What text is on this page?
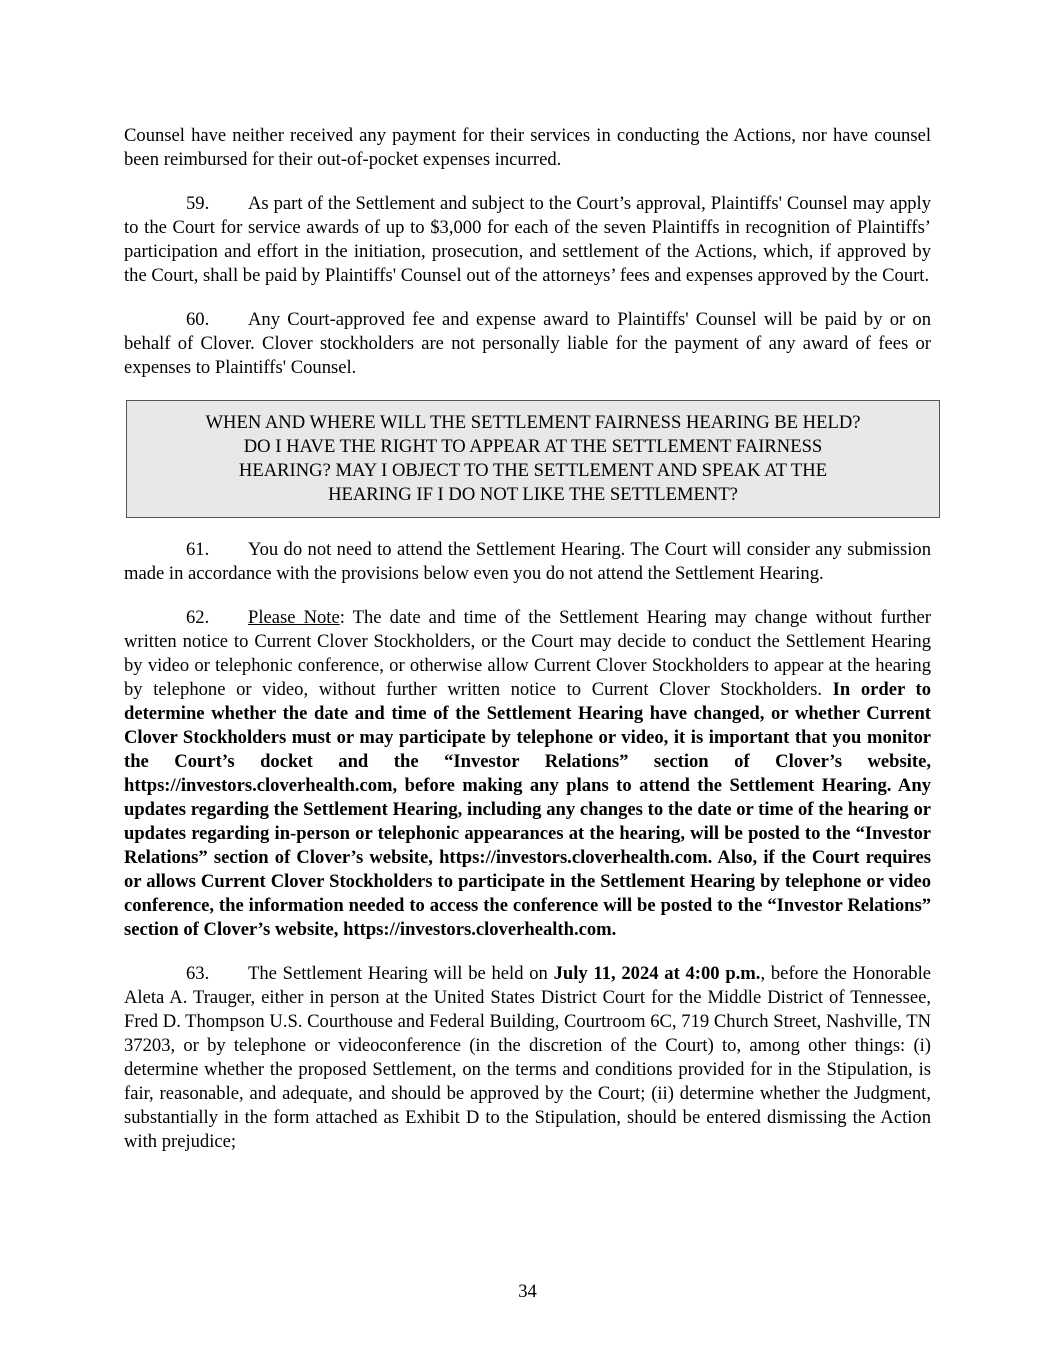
Counsel have neither received any payment for their services in conducting the Actions, nor have counsel been reimbursed for their out-of-pocket expenses incurred.

59. As part of the Settlement and subject to the Court’s approval, Plaintiffs' Counsel may apply to the Court for service awards of up to $3,000 for each of the seven Plaintiffs in recognition of Plaintiffs’ participation and effort in the initiation, prosecution, and settlement of the Actions, which, if approved by the Court, shall be paid by Plaintiffs' Counsel out of the attorneys’ fees and expenses approved by the Court.

60. Any Court-approved fee and expense award to Plaintiffs' Counsel will be paid by or on behalf of Clover. Clover stockholders are not personally liable for the payment of any award of fees or expenses to Plaintiffs' Counsel.

WHEN AND WHERE WILL THE SETTLEMENT FAIRNESS HEARING BE HELD?
DO I HAVE THE RIGHT TO APPEAR AT THE SETTLEMENT FAIRNESS
HEARING? MAY I OBJECT TO THE SETTLEMENT AND SPEAK AT THE
HEARING IF I DO NOT LIKE THE SETTLEMENT?

61. You do not need to attend the Settlement Hearing. The Court will consider any submission made in accordance with the provisions below even you do not attend the Settlement Hearing.

62. Please Note: The date and time of the Settlement Hearing may change without further written notice to Current Clover Stockholders, or the Court may decide to conduct the Settlement Hearing by video or telephonic conference, or otherwise allow Current Clover Stockholders to appear at the hearing by telephone or video, without further written notice to Current Clover Stockholders. In order to determine whether the date and time of the Settlement Hearing have changed, or whether Current Clover Stockholders must or may participate by telephone or video, it is important that you monitor the Court’s docket and the “Investor Relations” section of Clover’s website, https://investors.cloverhealth.com, before making any plans to attend the Settlement Hearing. Any updates regarding the Settlement Hearing, including any changes to the date or time of the hearing or updates regarding in-person or telephonic appearances at the hearing, will be posted to the “Investor Relations” section of Clover’s website, https://investors.cloverhealth.com. Also, if the Court requires or allows Current Clover Stockholders to participate in the Settlement Hearing by telephone or video conference, the information needed to access the conference will be posted to the “Investor Relations” section of Clover’s website, https://investors.cloverhealth.com.

63. The Settlement Hearing will be held on July 11, 2024 at 4:00 p.m., before the Honorable Aleta A. Trauger, either in person at the United States District Court for the Middle District of Tennessee, Fred D. Thompson U.S. Courthouse and Federal Building, Courtroom 6C, 719 Church Street, Nashville, TN 37203, or by telephone or videoconference (in the discretion of the Court) to, among other things: (i) determine whether the proposed Settlement, on the terms and conditions provided for in the Stipulation, is fair, reasonable, and adequate, and should be approved by the Court; (ii) determine whether the Judgment, substantially in the form attached as Exhibit D to the Stipulation, should be entered dismissing the Action with prejudice;

34
